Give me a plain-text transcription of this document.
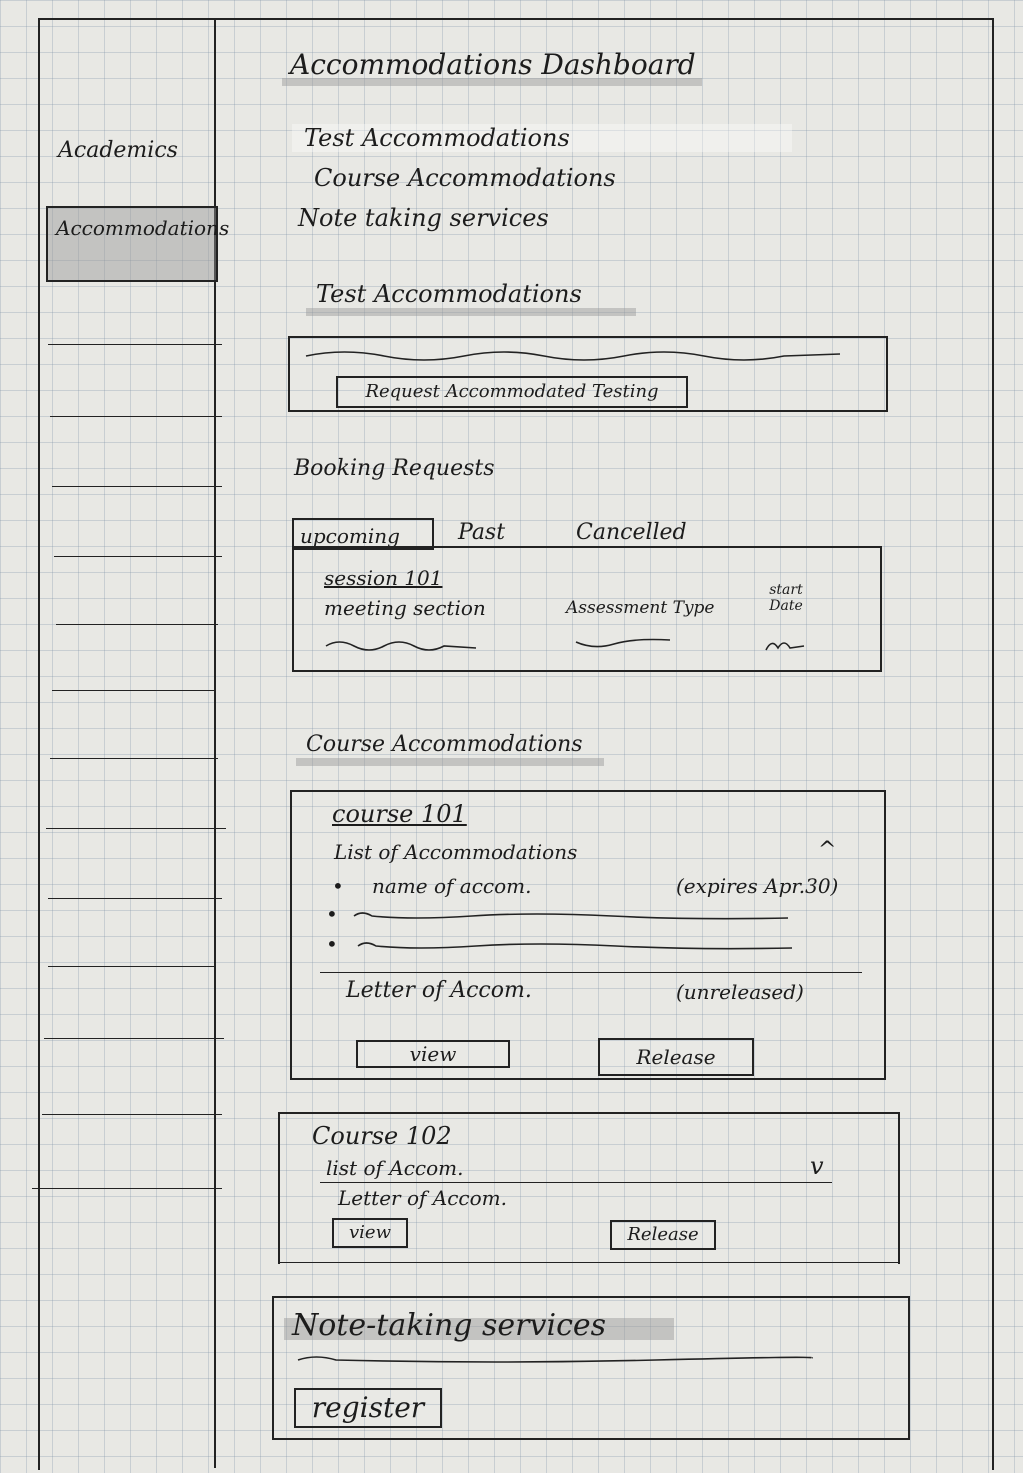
Academics
Accommodations
Accommodations Dashboard
Test Accommodations
Course Accommodations
Note taking services
Test Accommodations
Request Accommodated Testing
Booking Requests
upcoming	Past	Cancelled
session 101
meeting section	Assessment Type
start Date
Course Accommodations
course 101
List of Accommodations	^
• name of accom.	(expires Apr.30)
•
•
Letter of Accom.	(unreleased)
view	Release
Course 102
list of Accom.	v
Letter of Accom.
view	Release
Note-taking services
register
